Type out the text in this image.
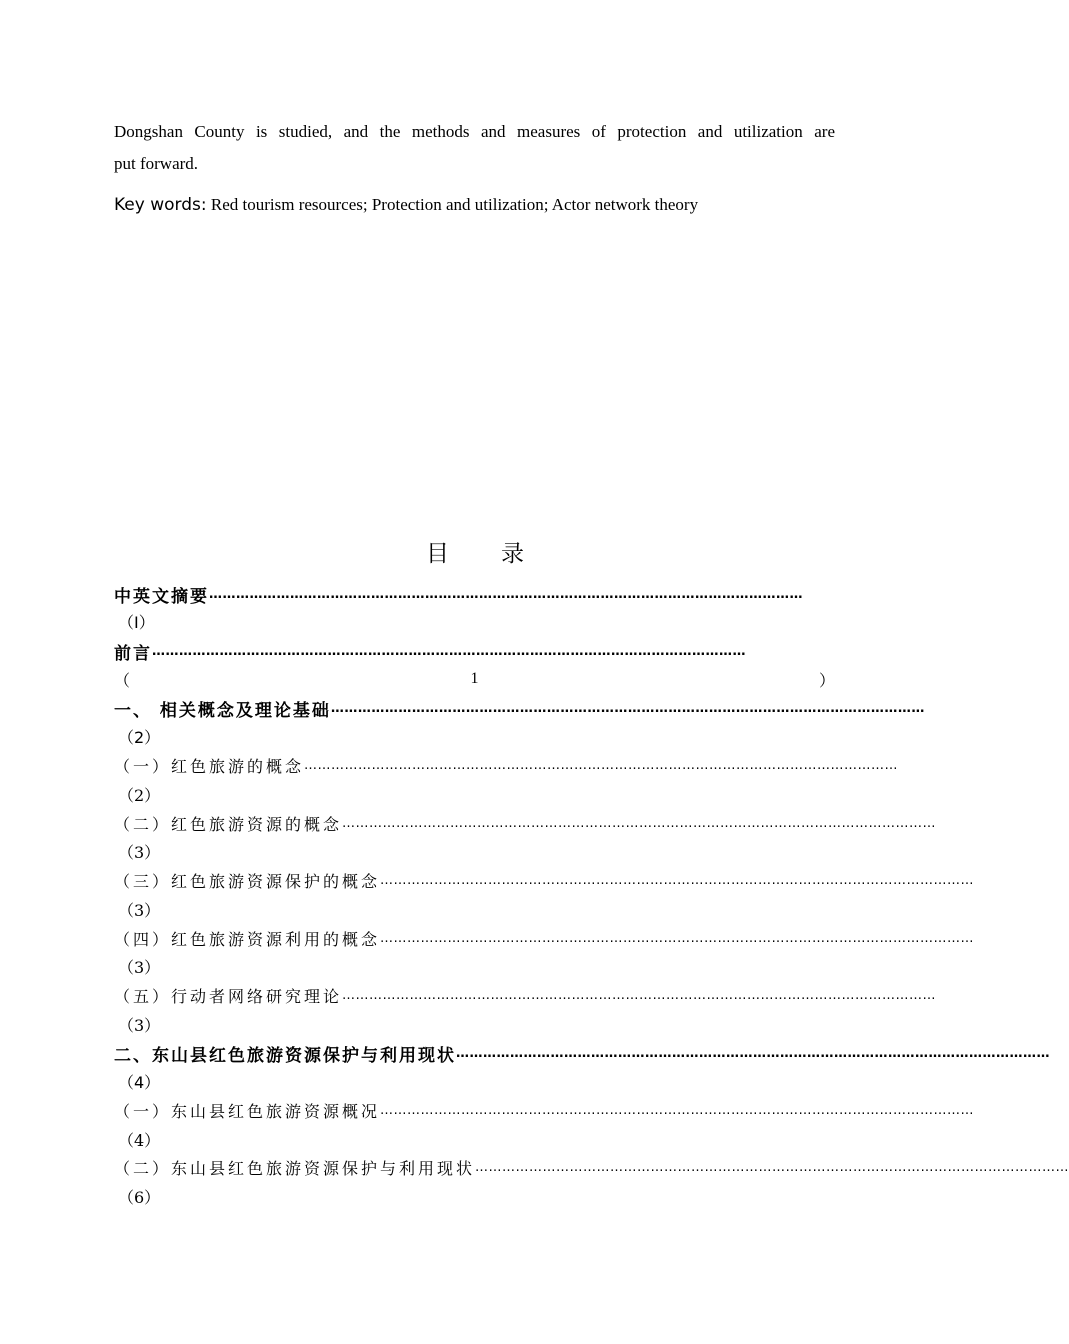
Dongshan County is studied, and the methods and measures of protection and utilization are
put forward.
Key words: Red tourism resources; Protection and utilization; Actor network theory
目 录
中英文摘要 ……………………………………………………………………………………………………………………
（I）
前言 ……………………………………………………………………………………………………………………
（	1	）
一、 相关概念及理论基础 ……………………………………………………………………………………………………………………
（2）
（一）红色旅游的概念 ……………………………………………………………………………………………………………………
（2）
（二）红色旅游资源的概念 ……………………………………………………………………………………………………………………
（3）
（三）红色旅游资源保护的概念 ……………………………………………………………………………………………………………………
（3）
（四）红色旅游资源利用的概念 ……………………………………………………………………………………………………………………
（3）
（五）行动者网络研究理论 ……………………………………………………………………………………………………………………
（3）
二、东山县红色旅游资源保护与利用现状 ……………………………………………………………………………………………………………………
（4）
（一）东山县红色旅游资源概况 ……………………………………………………………………………………………………………………
（4）
（二）东山县红色旅游资源保护与利用现状 ……………………………………………………………………………………………………………………
（6）
